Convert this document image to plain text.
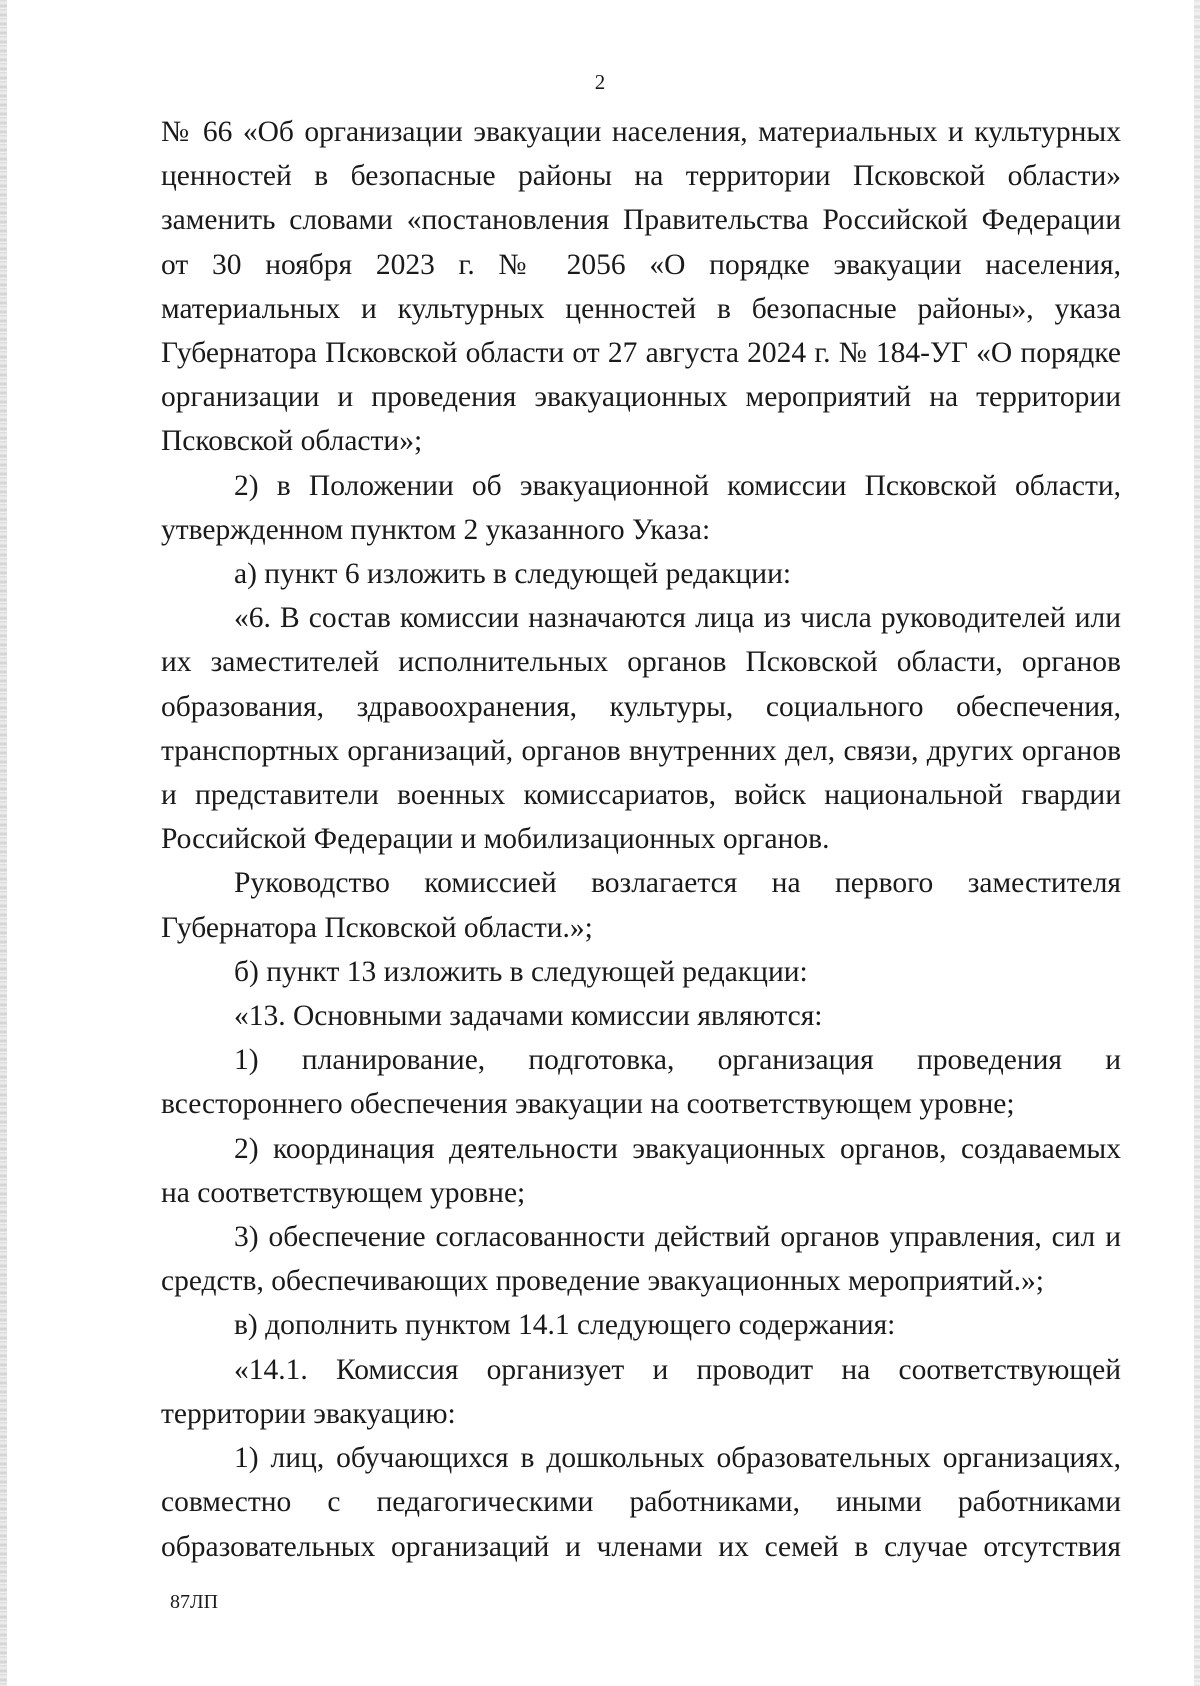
2

№ 66 «Об организации эвакуации населения, материальных и культурных ценностей в безопасные районы на территории Псковской области» заменить словами «постановления Правительства Российской Федерации от 30 ноября 2023 г. № 2056 «О порядке эвакуации населения, материальных и культурных ценностей в безопасные районы», указа Губернатора Псковской области от 27 августа 2024 г. № 184-УГ «О порядке организации и проведения эвакуационных мероприятий на территории Псковской области»;

2) в Положении об эвакуационной комиссии Псковской области, утвержденном пунктом 2 указанного Указа:

а) пункт 6 изложить в следующей редакции:

«6. В состав комиссии назначаются лица из числа руководителей или их заместителей исполнительных органов Псковской области, органов образования, здравоохранения, культуры, социального обеспечения, транспортных организаций, органов внутренних дел, связи, других органов и представители военных комиссариатов, войск национальной гвардии Российской Федерации и мобилизационных органов.

Руководство комиссией возлагается на первого заместителя Губернатора Псковской области.»;

б) пункт 13 изложить в следующей редакции:

«13. Основными задачами комиссии являются:

1) планирование, подготовка, организация проведения и всестороннего обеспечения эвакуации на соответствующем уровне;

2) координация деятельности эвакуационных органов, создаваемых на соответствующем уровне;

3) обеспечение согласованности действий органов управления, сил и средств, обеспечивающих проведение эвакуационных мероприятий.»;

в) дополнить пунктом 14.1 следующего содержания:

«14.1. Комиссия организует и проводит на соответствующей территории эвакуацию:

1) лиц, обучающихся в дошкольных образовательных организациях, совместно с педагогическими работниками, иными работниками образовательных организаций и членами их семей в случае отсутствия

87ЛП
